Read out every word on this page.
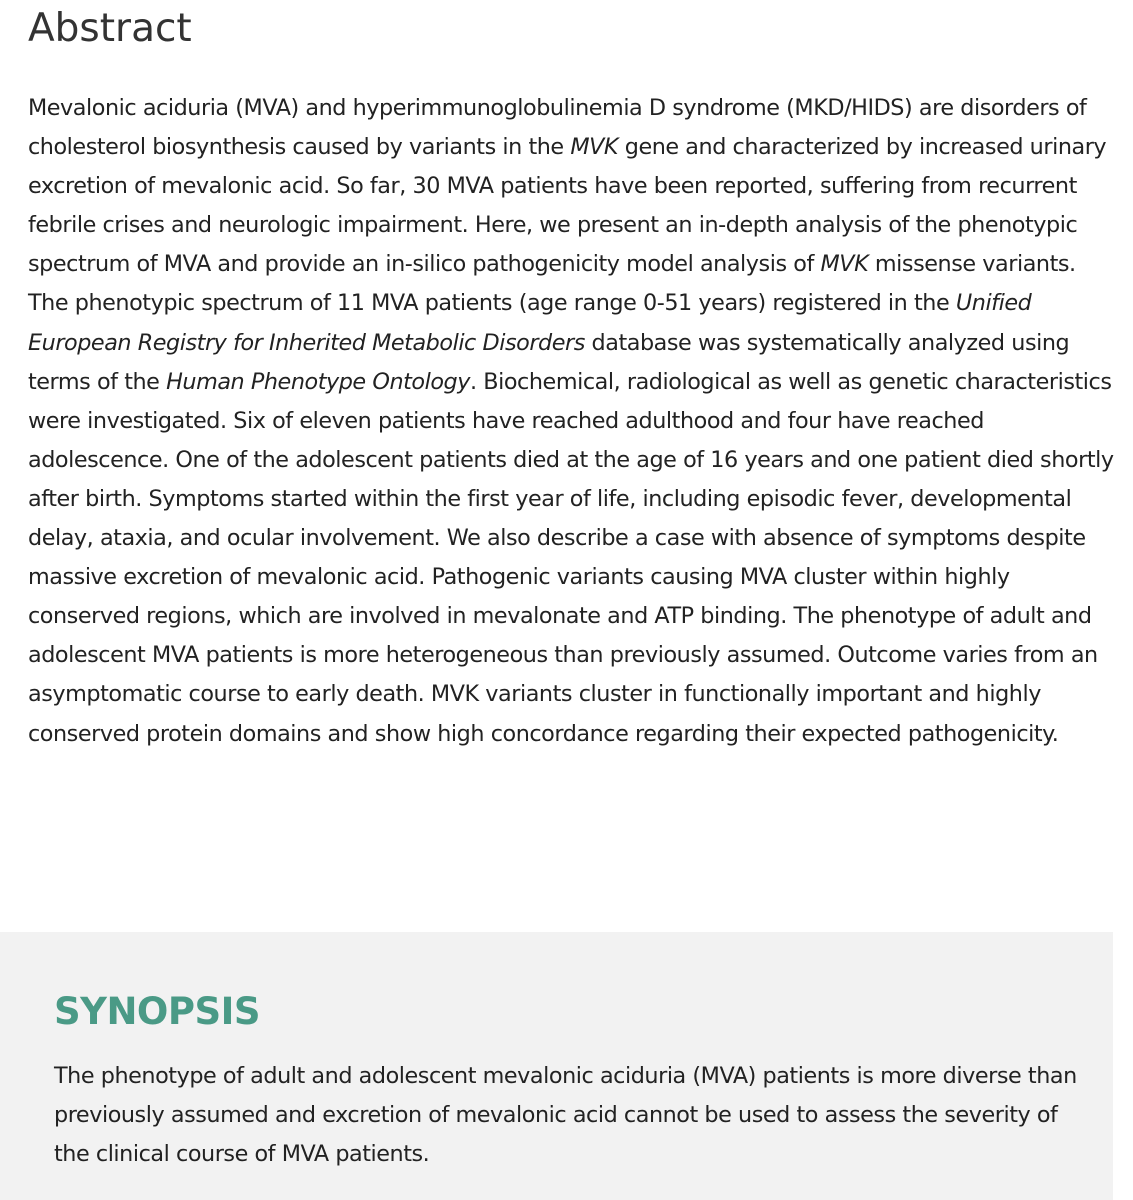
Abstract

Mevalonic aciduria (MVA) and hyperimmunoglobulinemia D syndrome (MKD/HIDS) are disorders of cholesterol biosynthesis caused by variants in the MVK gene and characterized by increased urinary excretion of mevalonic acid. So far, 30 MVA patients have been reported, suffering from recurrent febrile crises and neurologic impairment. Here, we present an in-depth analysis of the phenotypic spectrum of MVA and provide an in-silico pathogenicity model analysis of MVK missense variants. The phenotypic spectrum of 11 MVA patients (age range 0-51 years) registered in the Unified European Registry for Inherited Metabolic Disorders database was systematically analyzed using terms of the Human Phenotype Ontology. Biochemical, radiological as well as genetic characteristics were investigated. Six of eleven patients have reached adulthood and four have reached adolescence. One of the adolescent patients died at the age of 16 years and one patient died shortly after birth. Symptoms started within the first year of life, including episodic fever, developmental delay, ataxia, and ocular involvement. We also describe a case with absence of symptoms despite massive excretion of mevalonic acid. Pathogenic variants causing MVA cluster within highly conserved regions, which are involved in mevalonate and ATP binding. The phenotype of adult and adolescent MVA patients is more heterogeneous than previously assumed. Outcome varies from an asymptomatic course to early death. MVK variants cluster in functionally important and highly conserved protein domains and show high concordance regarding their expected pathogenicity.

SYNOPSIS

The phenotype of adult and adolescent mevalonic aciduria (MVA) patients is more diverse than previously assumed and excretion of mevalonic acid cannot be used to assess the severity of the clinical course of MVA patients.
